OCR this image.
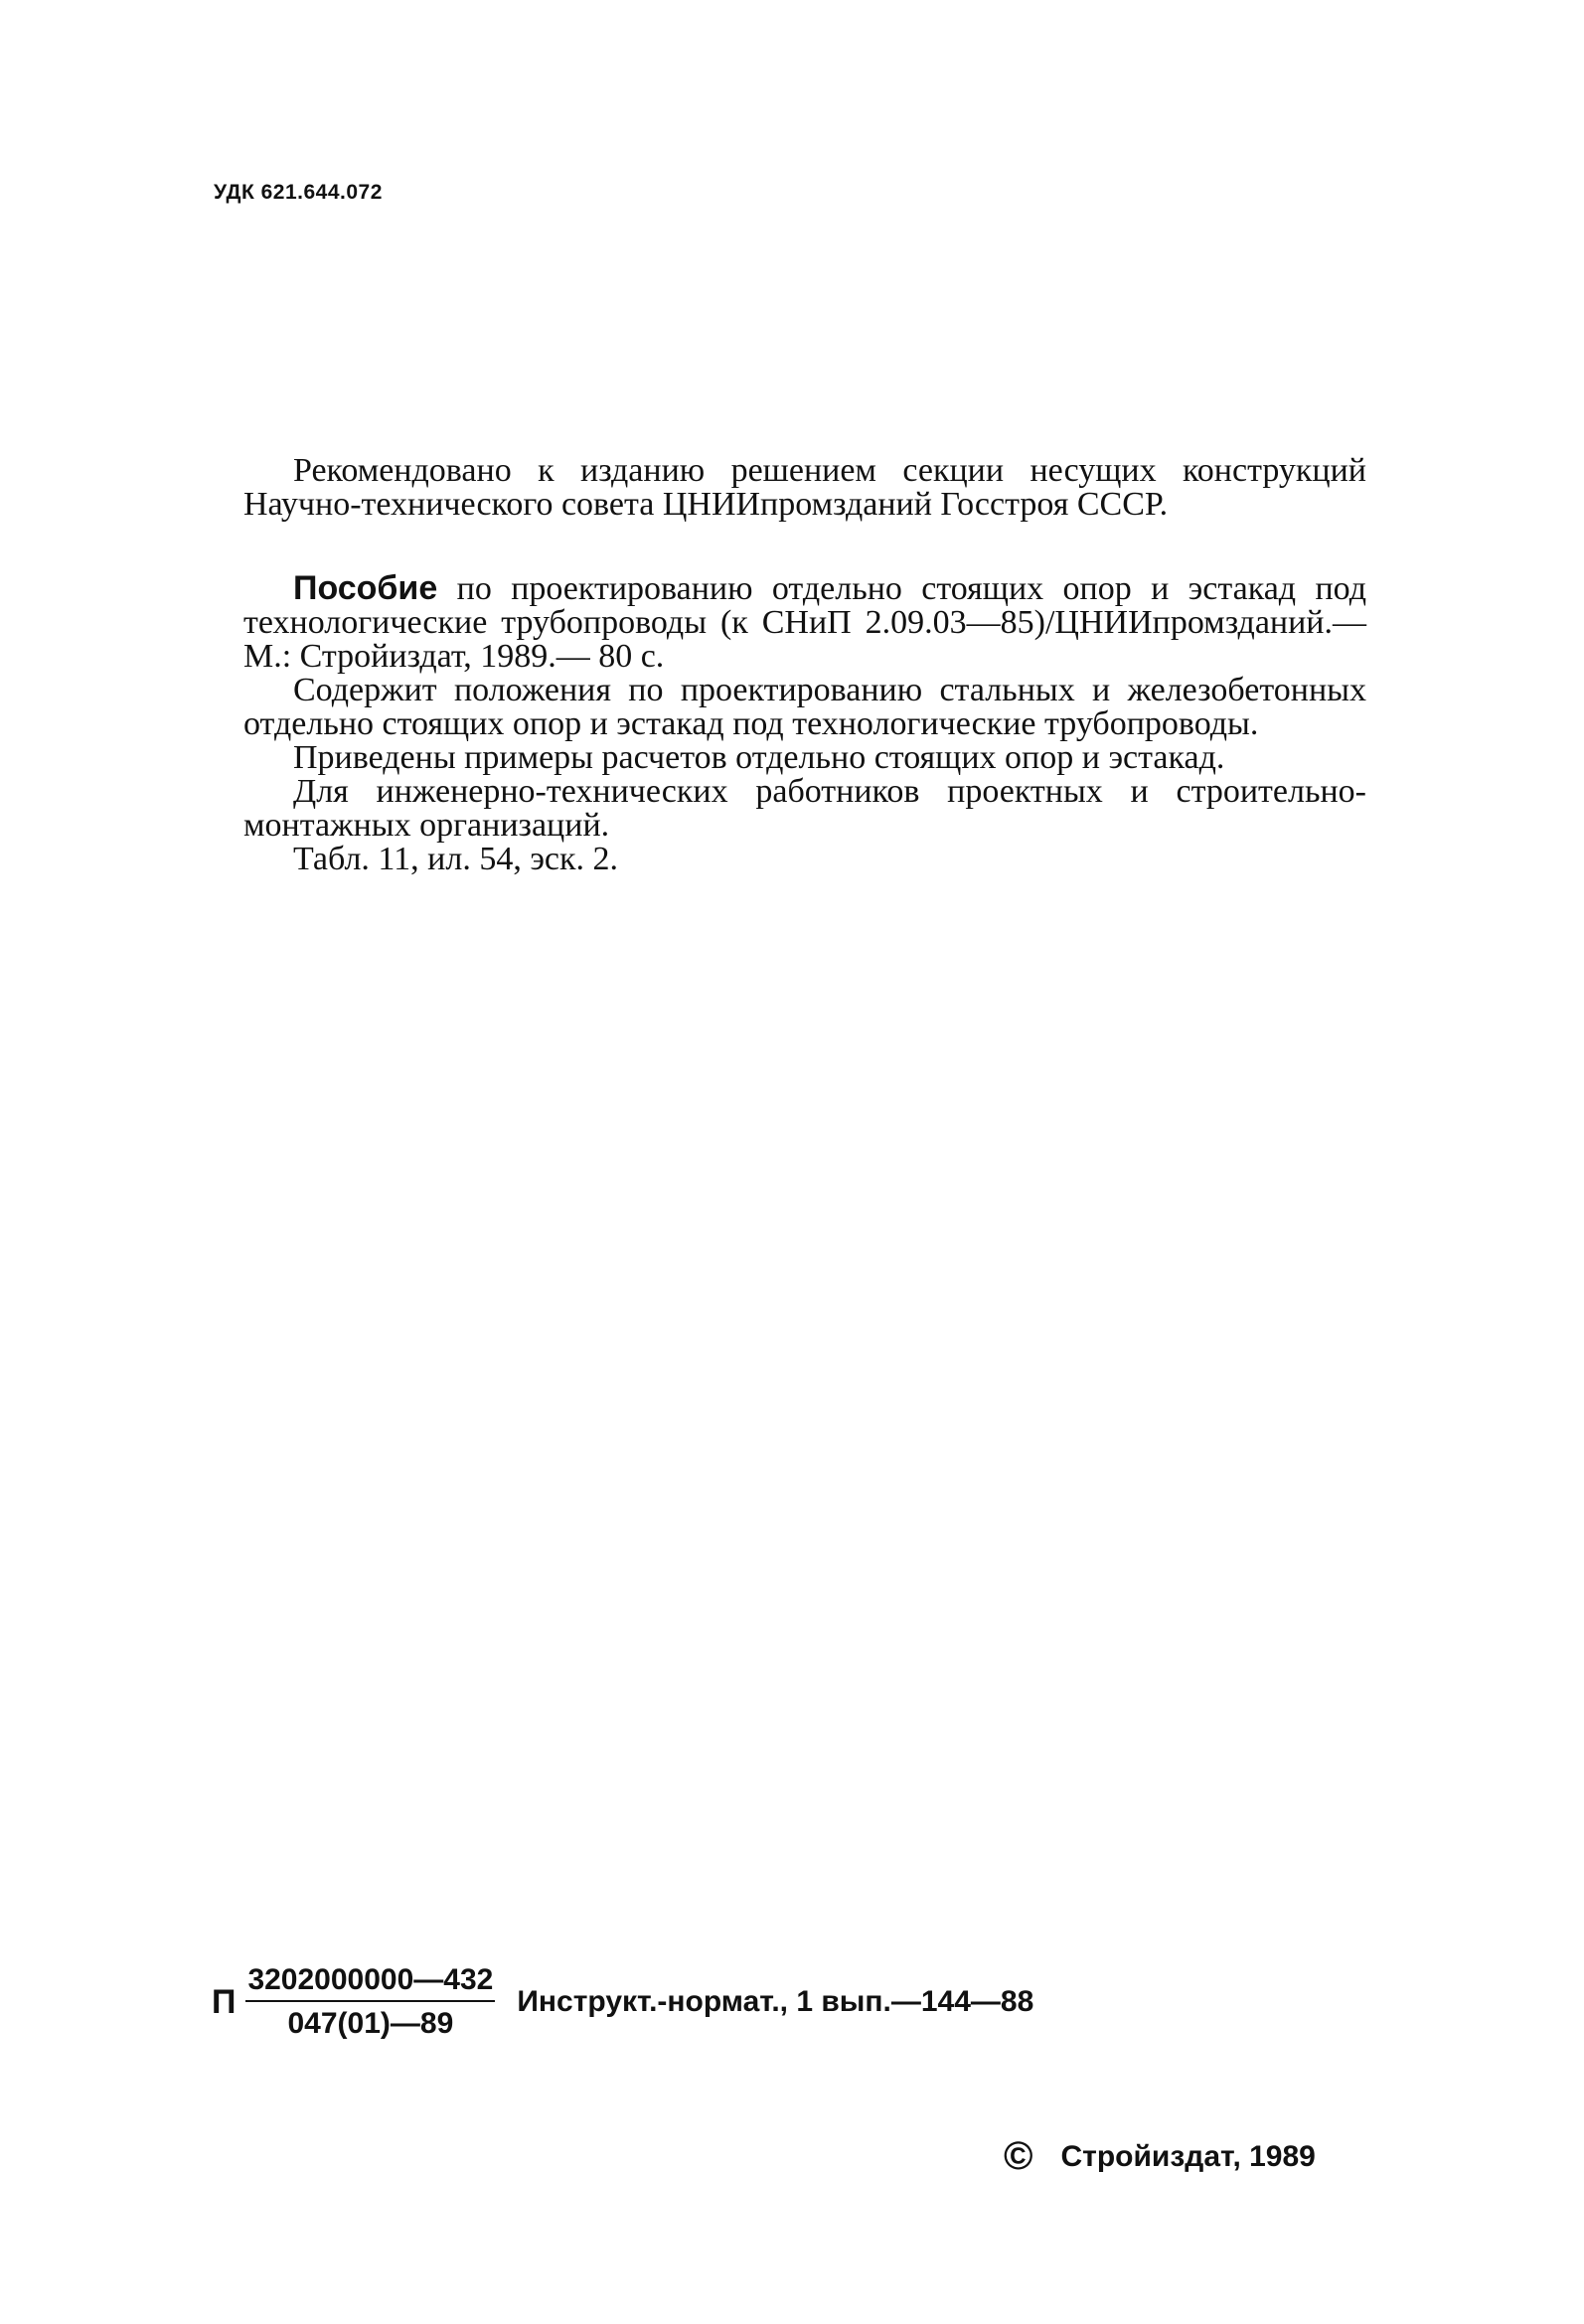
УДК 621.644.072

Рекомендовано к изданию решением секции несущих конструкций Научно-технического совета ЦНИИпромзданий Госстроя СССР.

Пособие по проектированию отдельно стоящих опор и эстакад под технологические трубопроводы (к СНиП 2.09.03—85)/ЦНИИпромзданий.— М.: Стройиздат, 1989.— 80 с.

Содержит положения по проектированию стальных и железобетонных отдельно стоящих опор и эстакад под технологические трубопроводы.

Приведены примеры расчетов отдельно стоящих опор и эстакад.

Для инженерно-технических работников проектных и строительно-монтажных организаций.

Табл. 11, ил. 54, эск. 2.

П $\frac{3202000000—432}{047(01)—89}$ Инструкт.-нормат., 1 вып.—144—88
© Стройиздат, 1989
